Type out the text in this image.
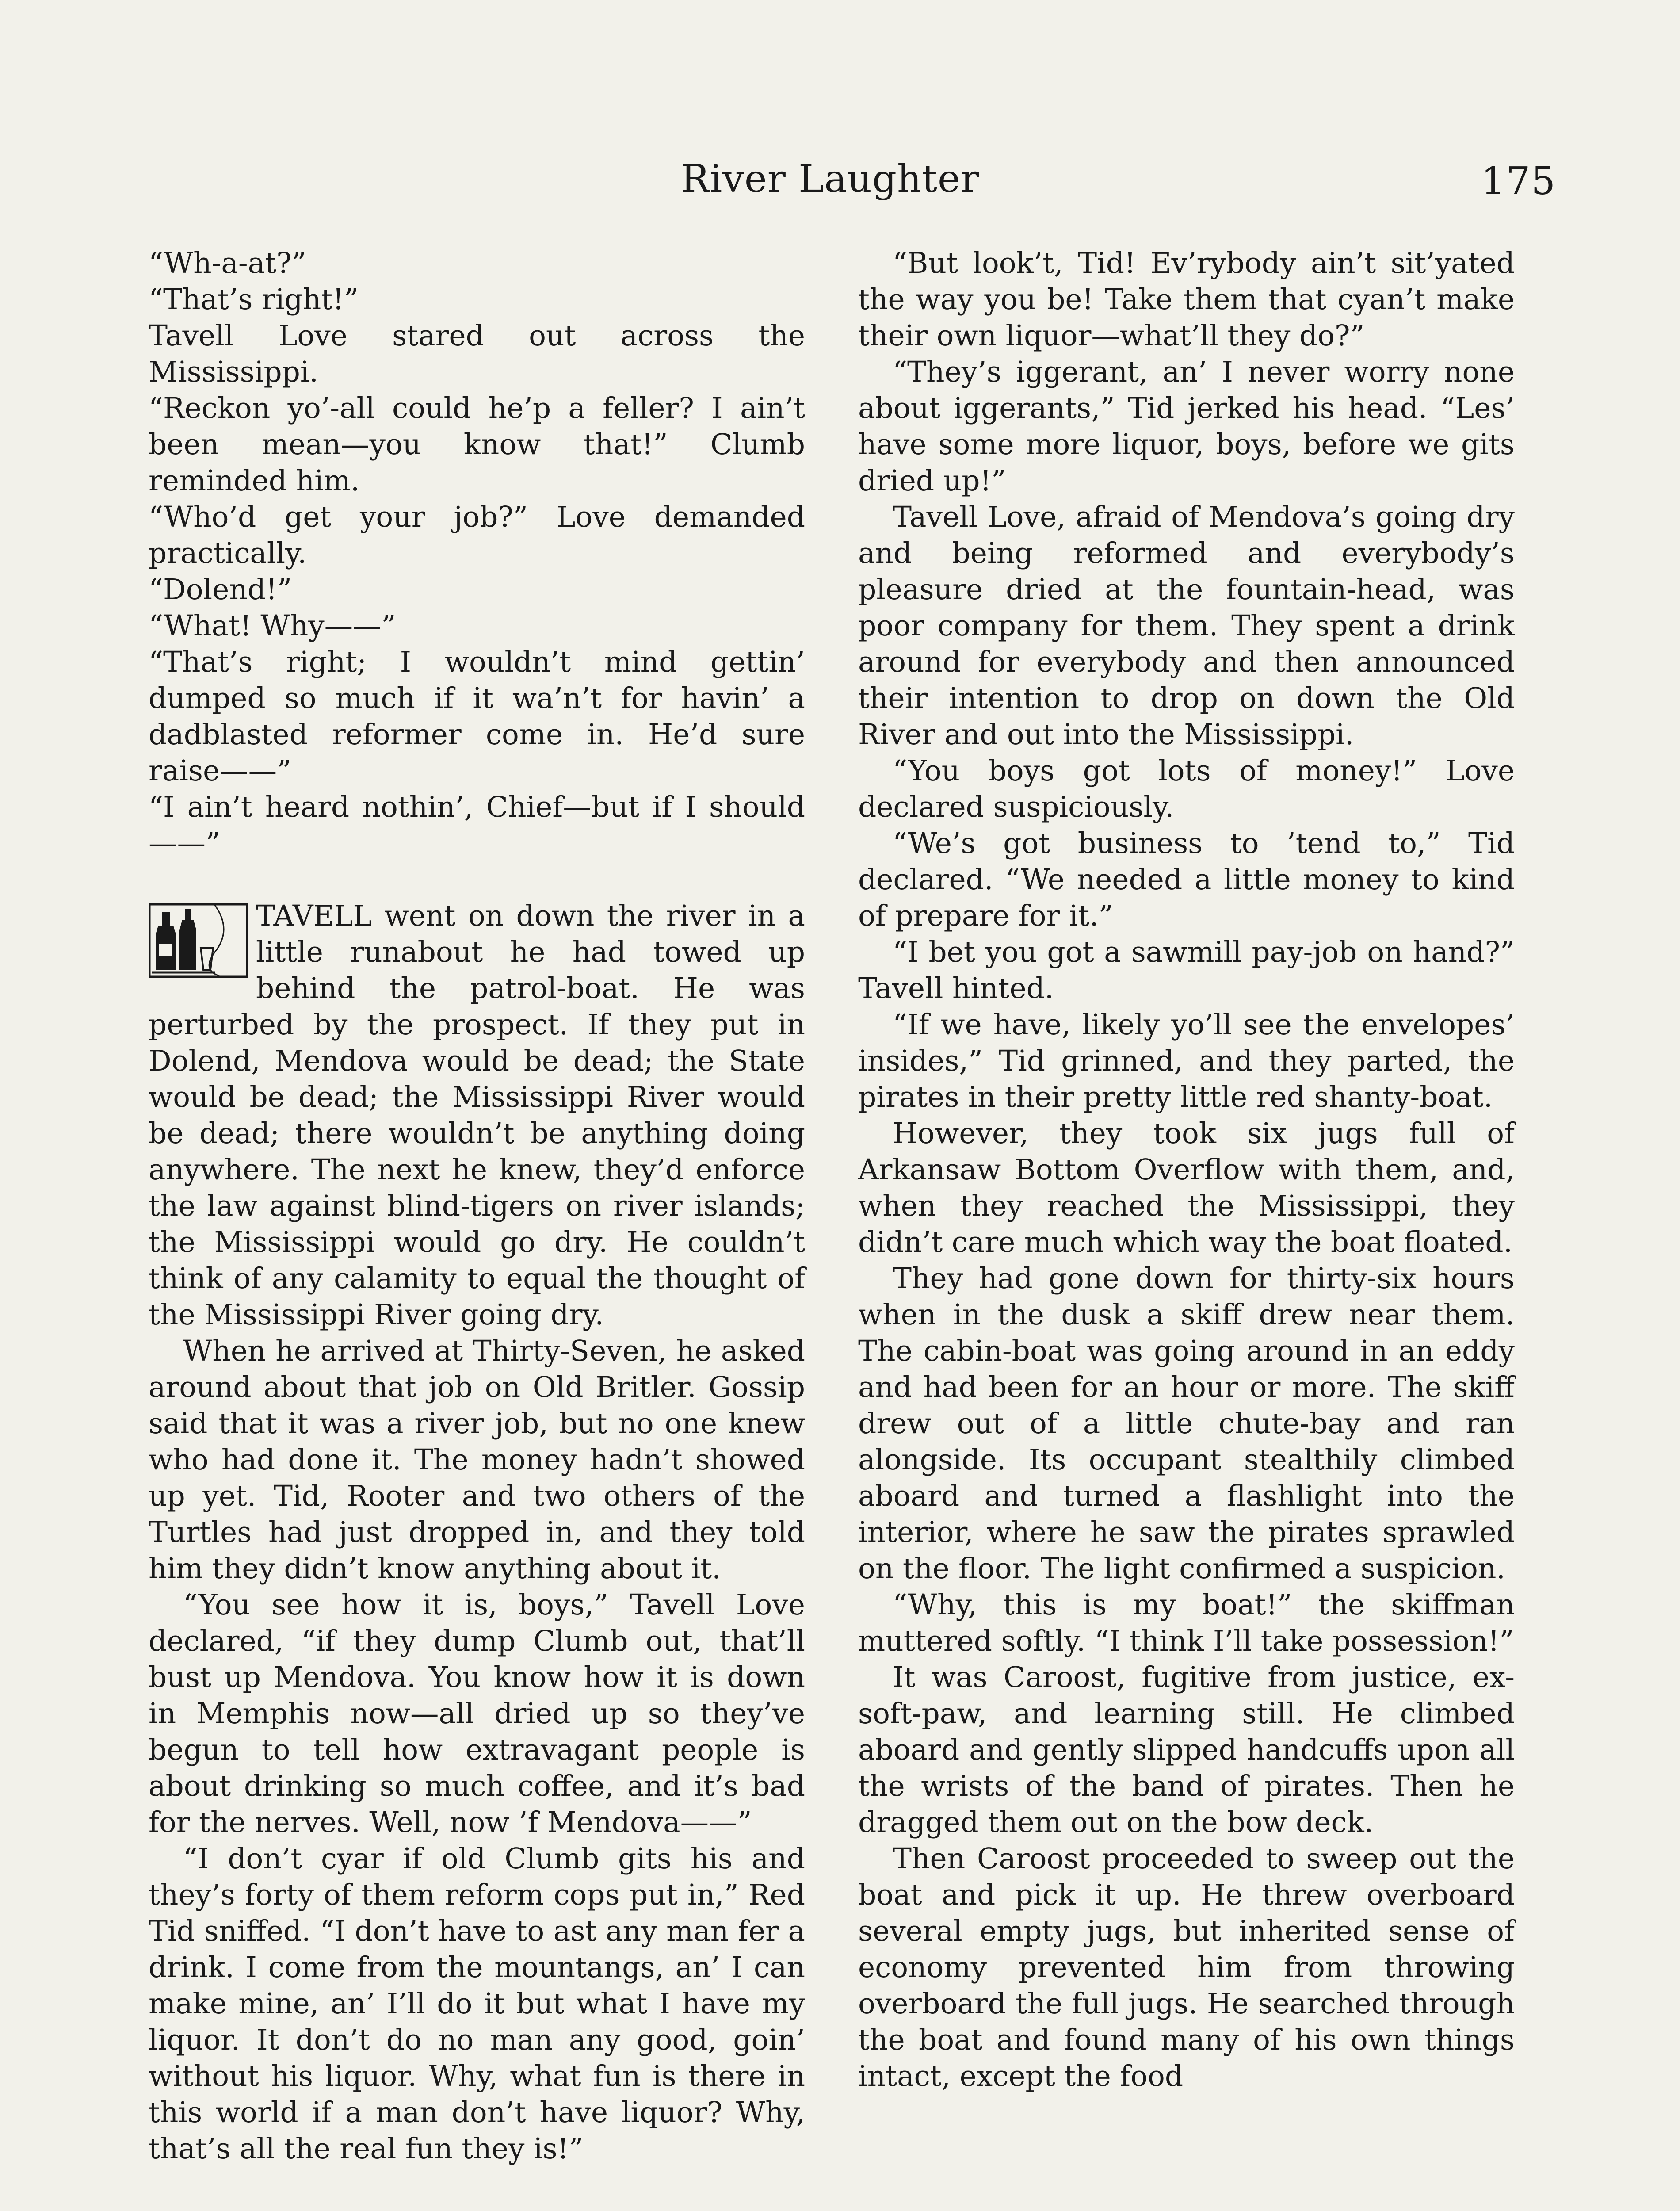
River Laughter	175

“Wh-a-at?”

“That’s right!”

Tavell Love stared out across the Mississippi.

“Reckon yo’-all could he’p a feller? I ain’t been mean—you know that!” Clumb reminded him.

“Who’d get your job?” Love demanded practically.

“Dolend!”

“What! Why——”

“That’s right; I wouldn’t mind gettin’ dumped so much if it wa’n’t for havin’ a dadblasted reformer come in. He’d sure raise——”

“I ain’t heard nothin’, Chief—but if I should——”

TAVELL went on down the river in a little runabout he had towed up behind the patrol-boat. He was perturbed by the prospect. If they put in Dolend, Mendova would be dead; the State would be dead; the Mississippi River would be dead; there wouldn’t be anything doing anywhere. The next he knew, they’d enforce the law against blind-tigers on river islands; the Mississippi would go dry. He couldn’t think of any calamity to equal the thought of the Mississippi River going dry.

When he arrived at Thirty-Seven, he asked around about that job on Old Britler. Gossip said that it was a river job, but no one knew who had done it. The money hadn’t showed up yet. Tid, Rooter and two others of the Turtles had just dropped in, and they told him they didn’t know anything about it.

“You see how it is, boys,” Tavell Love declared, “if they dump Clumb out, that’ll bust up Mendova. You know how it is down in Memphis now—all dried up so they’ve begun to tell how extravagant people is about drinking so much coffee, and it’s bad for the nerves. Well, now ’f Mendova——”

“I don’t cyar if old Clumb gits his and they’s forty of them reform cops put in,” Red Tid sniffed. “I don’t have to ast any man fer a drink. I come from the mountangs, an’ I can make mine, an’ I’ll do it but what I have my liquor. It don’t do no man any good, goin’ without his liquor. Why, what fun is there in this world if a man don’t have liquor? Why, that’s all the real fun they is!”

“But look’t, Tid! Ev’rybody ain’t sit’yated the way you be! Take them that cyan’t make their own liquor—what’ll they do?”

“They’s iggerant, an’ I never worry none about iggerants,” Tid jerked his head. “Les’ have some more liquor, boys, before we gits dried up!”

Tavell Love, afraid of Mendova’s going dry and being reformed and everybody’s pleasure dried at the fountain-head, was poor company for them. They spent a drink around for everybody and then announced their intention to drop on down the Old River and out into the Mississippi.

“You boys got lots of money!” Love declared suspiciously.

“We’s got business to ’tend to,” Tid declared. “We needed a little money to kind of prepare for it.”

“I bet you got a sawmill pay-job on hand?” Tavell hinted.

“If we have, likely yo’ll see the envelopes’ insides,” Tid grinned, and they parted, the pirates in their pretty little red shanty-boat.

However, they took six jugs full of Arkansaw Bottom Overflow with them, and, when they reached the Mississippi, they didn’t care much which way the boat floated.

They had gone down for thirty-six hours when in the dusk a skiff drew near them. The cabin-boat was going around in an eddy and had been for an hour or more. The skiff drew out of a little chute-bay and ran alongside. Its occupant stealthily climbed aboard and turned a flashlight into the interior, where he saw the pirates sprawled on the floor. The light confirmed a suspicion.

“Why, this is my boat!” the skiffman muttered softly. “I think I’ll take possession!”

It was Caroost, fugitive from justice, ex-soft-paw, and learning still. He climbed aboard and gently slipped handcuffs upon all the wrists of the band of pirates. Then he dragged them out on the bow deck.

Then Caroost proceeded to sweep out the boat and pick it up. He threw overboard several empty jugs, but inherited sense of economy prevented him from throwing overboard the full jugs. He searched through the boat and found many of his own things intact, except the food
